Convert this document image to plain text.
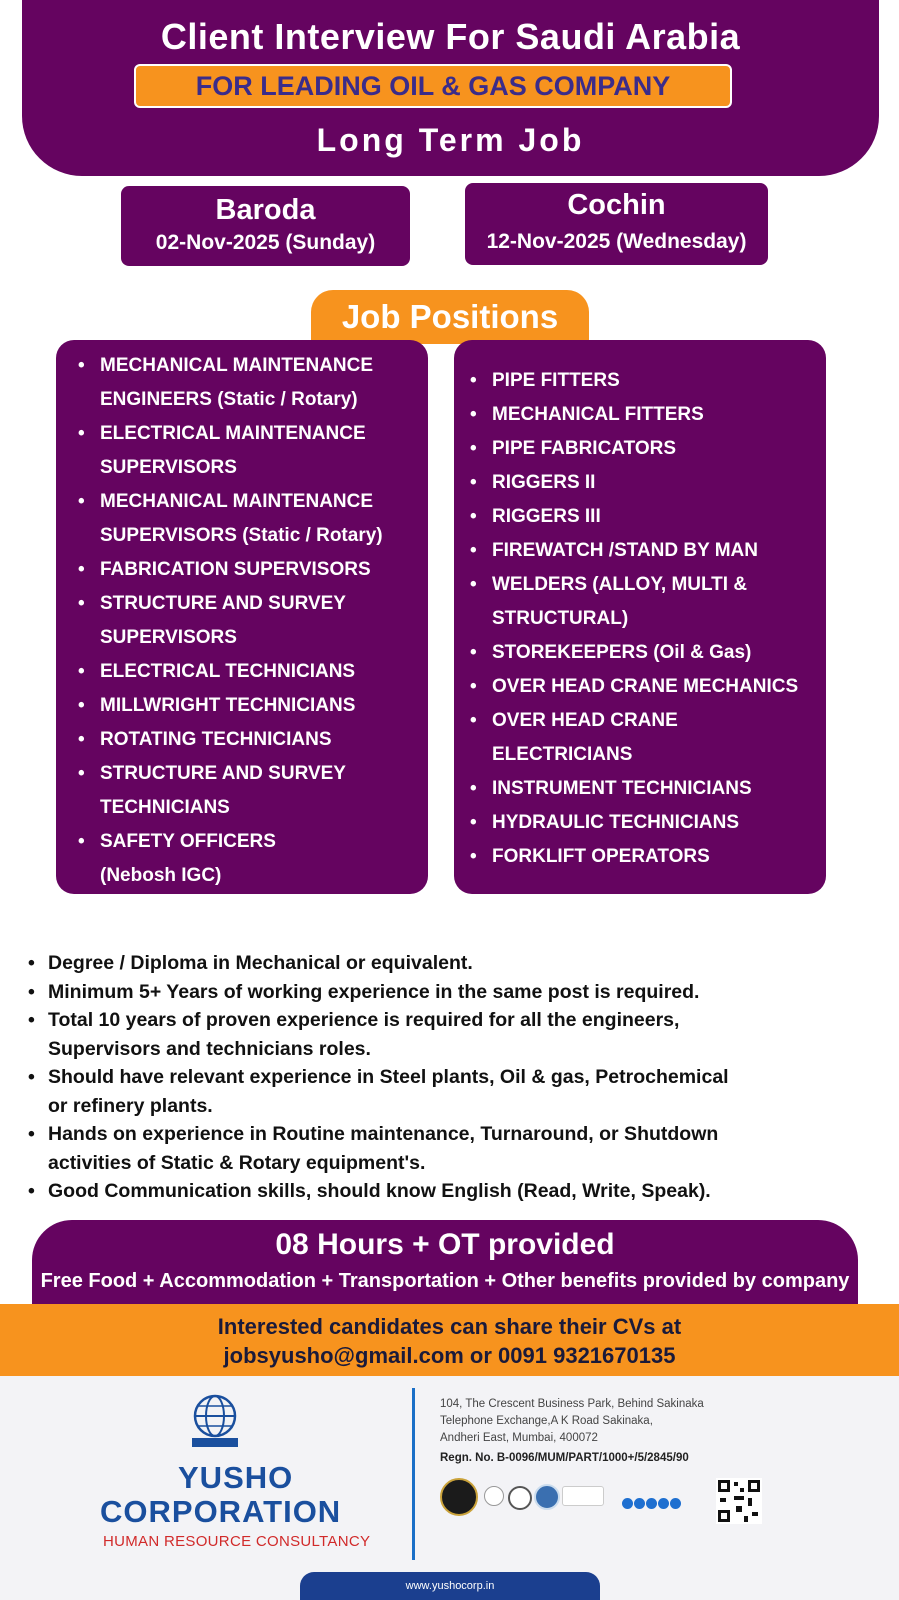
Client Interview For Saudi Arabia
FOR LEADING OIL & GAS COMPANY
Long Term Job
Baroda
02-Nov-2025 (Sunday)
Cochin
12-Nov-2025 (Wednesday)
Job Positions
• MECHANICAL MAINTENANCE
ENGINEERS (Static / Rotary)
• ELECTRICAL MAINTENANCE
SUPERVISORS
• MECHANICAL MAINTENANCE
SUPERVISORS (Static / Rotary)
• FABRICATION SUPERVISORS
• STRUCTURE AND SURVEY
SUPERVISORS
• ELECTRICAL TECHNICIANS
• MILLWRIGHT TECHNICIANS
• ROTATING TECHNICIANS
• STRUCTURE AND SURVEY
TECHNICIANS
• SAFETY OFFICERS
(Nebosh IGC)
• PIPE FITTERS
• MECHANICAL FITTERS
• PIPE FABRICATORS
• RIGGERS II
• RIGGERS III
• FIREWATCH /STAND BY MAN
• WELDERS (ALLOY, MULTI &
STRUCTURAL)
• STOREKEEPERS (Oil & Gas)
• OVER HEAD CRANE MECHANICS
• OVER HEAD CRANE
ELECTRICIANS
• INSTRUMENT TECHNICIANS
• HYDRAULIC TECHNICIANS
• FORKLIFT OPERATORS
• Degree / Diploma in Mechanical or equivalent.
• Minimum 5+ Years of working experience in the same post is required.
• Total 10 years of proven experience is required for all the engineers,
Supervisors and technicians roles.
• Should have relevant experience in Steel plants, Oil & gas, Petrochemical
or refinery plants.
• Hands on experience in Routine maintenance, Turnaround, or Shutdown
activities of Static & Rotary equipment's.
• Good Communication skills, should know English (Read, Write, Speak).
08 Hours + OT provided
Free Food + Accommodation + Transportation + Other benefits provided by company
Interested candidates can share their CVs at
jobsyusho@gmail.com or 0091 9321670135
YUSHO
CORPORATION
HUMAN RESOURCE CONSULTANCY
104, The Crescent Business Park, Behind Sakinaka
Telephone Exchange,A K Road Sakinaka,
Andheri East, Mumbai, 400072
Regn. No. B-0096/MUM/PART/1000+/5/2845/90
www.yushocorp.in
